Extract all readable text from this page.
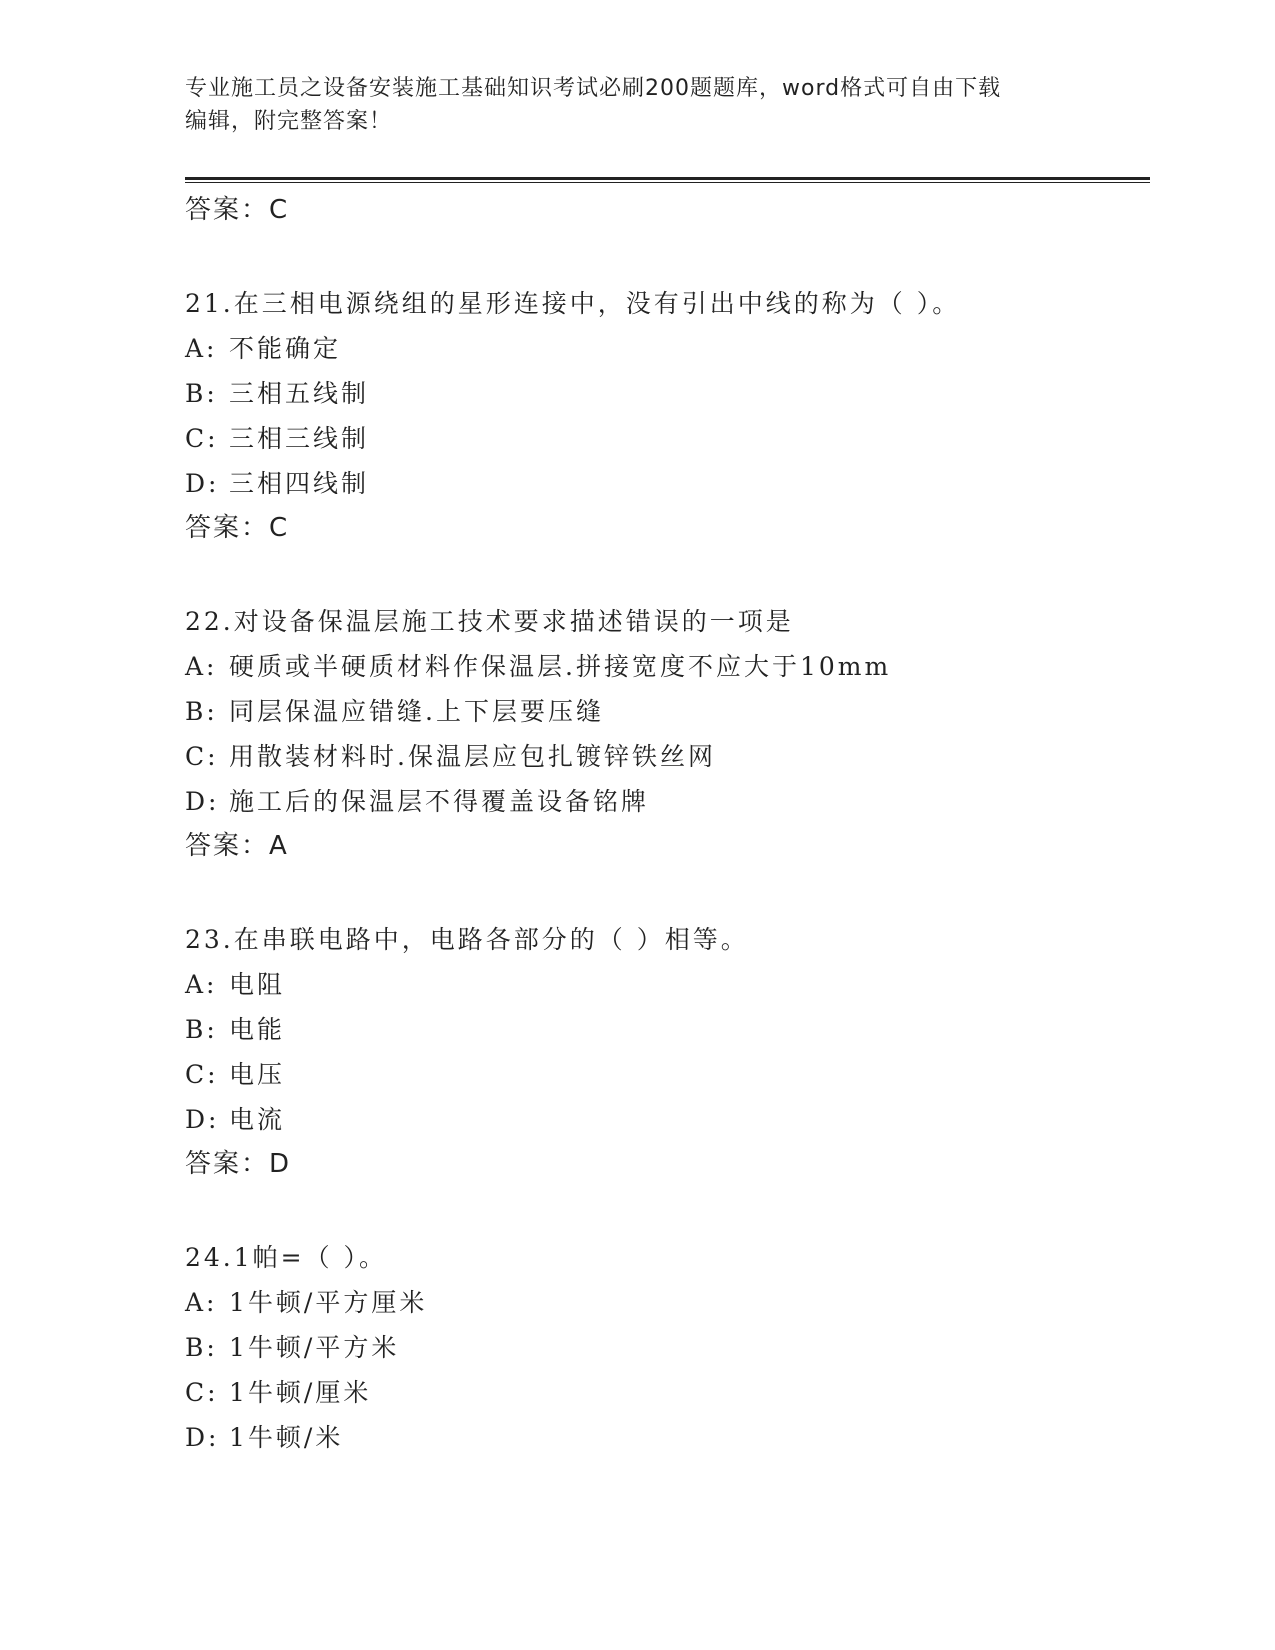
专业施工员之设备安装施工基础知识考试必刷200题题库，word格式可自由下载
编辑，附完整答案！
答案：C
21.在三相电源绕组的星形连接中，没有引出中线的称为（ ）。
A: 不能确定
B: 三相五线制
C: 三相三线制
D: 三相四线制
答案：C
22.对设备保温层施工技术要求描述错误的一项是
A: 硬质或半硬质材料作保温层.拼接宽度不应大于10mm
B: 同层保温应错缝.上下层要压缝
C: 用散装材料时.保温层应包扎镀锌铁丝网
D: 施工后的保温层不得覆盖设备铭牌
答案：A
23.在串联电路中，电路各部分的（ ）相等。
A: 电阻
B: 电能
C: 电压
D: 电流
答案：D
24.1帕=（ ）。
A: 1牛顿/平方厘米
B: 1牛顿/平方米
C: 1牛顿/厘米
D: 1牛顿/米
